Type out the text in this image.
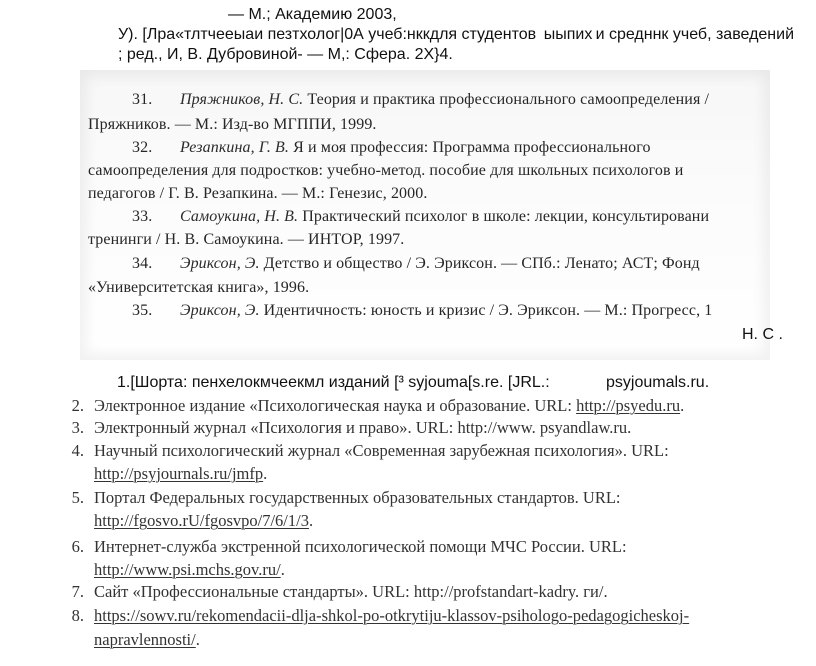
— М.; Академию 2003,
У). [Лра«тлтчееыаи пезтхолог|0А учеб:нккдля студентов  ыыпих и средннк учеб, заведений
; ред., И, В. Дубровиной- — М,: Сфера. 2Х}4.
31. Пряжников, Н. С. Теория и практика профессионального самоопределения /
Пряжников. — М.: Изд-во МГППИ, 1999.
32. Резапкина, Г. В. Я и моя профессия: Программа профессионального
самоопределения для подростков: учебно-метод. пособие для школьных психологов и
педагогов / Г. В. Резапкина. — М.: Генезис, 2000.
33. Самоукина, Н. В. Практический психолог в школе: лекции, консультировани
тренинги / Н. В. Самоукина. — ИНТОР, 1997.
34. Эриксон, Э. Детство и общество / Э. Эриксон. — СПб.: Ленато; АСТ; Фонд
«Университетская книга», 1996.
35. Эриксон, Э. Идентичность: юность и кризис / Э. Эриксон. — М.: Прогресс, 1
Н. С .
1.[Шорта: пенхелокмчеекмл изданий [³ syjouma[s.re. [JRL.:	psyjoumals.ru.
2. Электронное издание «Психологическая наука и образование. URL: http://psyedu.ru.
3. Электронный журнал «Психология и право». URL: http://www. psyandlaw.ru.
4. Научный психологический журнал «Современная зарубежная психология». URL:
http://psyjournals.ru/jmfp.
5. Портал Федеральных государственных образовательных стандартов. URL:
http://fgosvo.rU/fgosvpo/7/6/1/3.
6. Интернет-служба экстренной психологической помощи МЧС России. URL:
http://www.psi.mchs.gov.ru/.
7. Сайт «Профессиональные стандарты». URL: http://profstandart-kadry. ги/.
8. https://sowv.ru/rekomendacii-dlja-shkol-po-otkrytiju-klassov-psihologo-pedagogicheskoj-
napravlennosti/.
